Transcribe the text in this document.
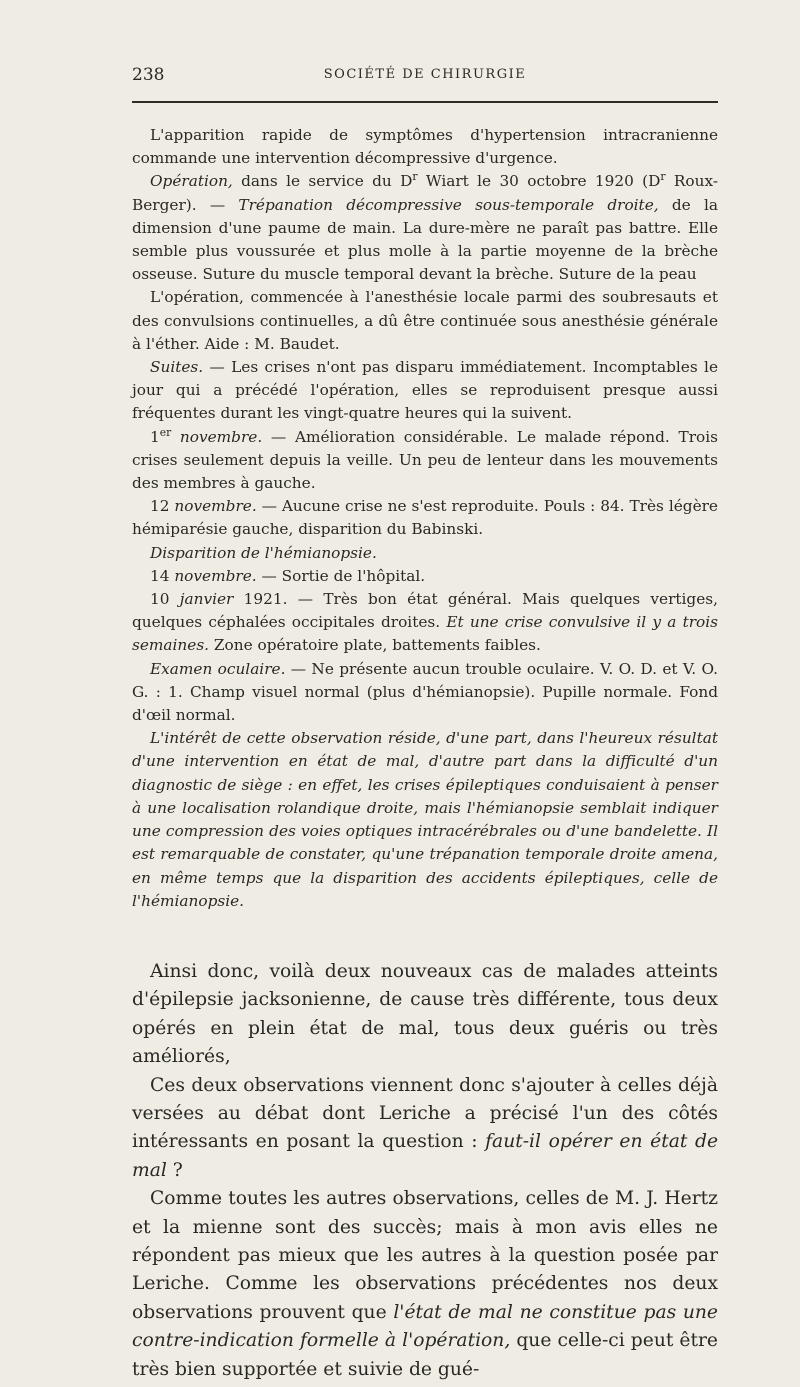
238	SOCIÉTÉ DE CHIRURGIE

L'apparition rapide de symptômes d'hypertension intracranienne commande une intervention décompressive d'urgence.

Opération, dans le service du $D^r$ Wiart le 30 octobre 1920 ($D^r$ Roux-Berger). — Trépanation décompressive sous-temporale droite, de la dimension d'une paume de main. La dure-mère ne paraît pas battre. Elle semble plus voussurée et plus molle à la partie moyenne de la brèche osseuse. Suture du muscle temporal devant la brèche. Suture de la peau

L'opération, commencée à l'anesthésie locale parmi des soubresauts et des convulsions continuelles, a dû être continuée sous anesthésie générale à l'éther. Aide : M. Baudet.

Suites. — Les crises n'ont pas disparu immédiatement. Incomptables le jour qui a précédé l'opération, elles se reproduisent presque aussi fréquentes durant les vingt-quatre heures qui la suivent.

1er novembre. — Amélioration considérable. Le malade répond. Trois crises seulement depuis la veille. Un peu de lenteur dans les mouvements des membres à gauche.

12 novembre. — Aucune crise ne s'est reproduite. Pouls : 84. Très légère hémiparésie gauche, disparition du Babinski.

Disparition de l'hémianopsie.

14 novembre. — Sortie de l'hôpital.

10 janvier 1921. — Très bon état général. Mais quelques vertiges, quelques céphalées occipitales droites. Et une crise convulsive il y a trois semaines. Zone opératoire plate, battements faibles.

Examen oculaire. — Ne présente aucun trouble oculaire. V. O. D. et V. O. G. : 1. Champ visuel normal (plus d'hémianopsie). Pupille normale. Fond d'œil normal.

L'intérêt de cette observation réside, d'une part, dans l'heureux résultat d'une intervention en état de mal, d'autre part dans la difficulté d'un diagnostic de siège : en effet, les crises épileptiques conduisaient à penser à une localisation rolandique droite, mais l'hémianopsie semblait indiquer une compression des voies optiques intracérébrales ou d'une bandelette. Il est remarquable de constater, qu'une trépanation temporale droite amena, en même temps que la disparition des accidents épileptiques, celle de l'hémianopsie.

Ainsi donc, voilà deux nouveaux cas de malades atteints d'épilepsie jacksonienne, de cause très différente, tous deux opérés en plein état de mal, tous deux guéris ou très améliorés,

Ces deux observations viennent donc s'ajouter à celles déjà versées au débat dont Leriche a précisé l'un des côtés intéressants en posant la question : faut-il opérer en état de mal ?

Comme toutes les autres observations, celles de M. J. Hertz et la mienne sont des succès; mais à mon avis elles ne répondent pas mieux que les autres à la question posée par Leriche. Comme les observations précédentes nos deux observations prouvent que l'état de mal ne constitue pas une contre-indication formelle à l'opération, que celle-ci peut être très bien supportée et suivie de gué-
